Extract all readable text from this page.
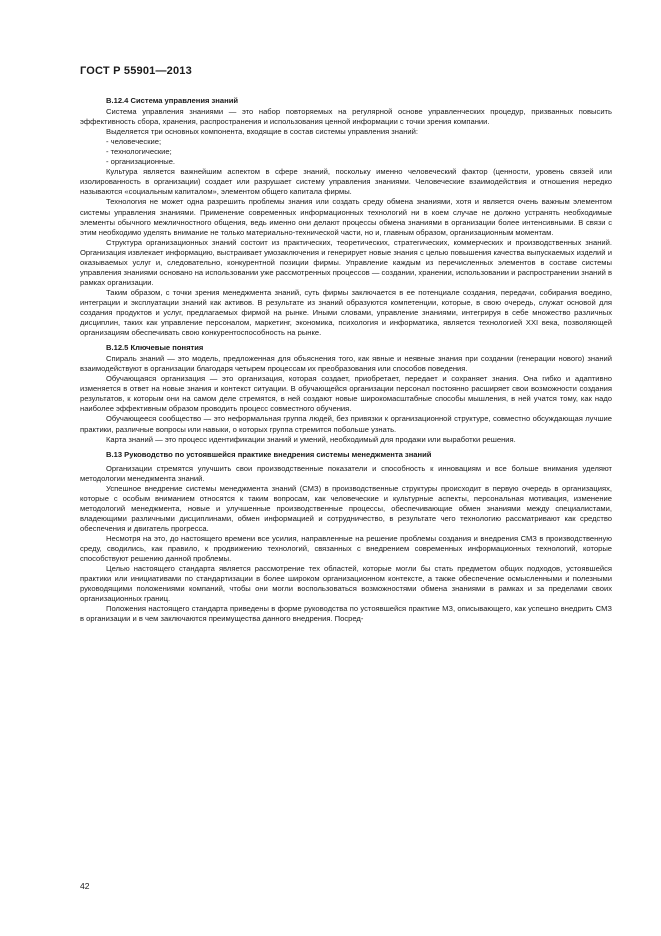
ГОСТ Р 55901—2013

В.12.4 Система управления знаний

Система управления знаниями — это набор повторяемых на регулярной основе управленческих процедур, призванных повысить эффективность сбора, хранения, распространения и использования ценной информации с точки зрения компании.

Выделяется три основных компонента, входящие в состав системы управления знаний:

- человеческие;

- технологические;

- организационные.

Культура является важнейшим аспектом в сфере знаний, поскольку именно человеческий фактор (ценности, уровень связей или изолированность в организации) создает или разрушает систему управления знаниями. Человеческие взаимодействия и отношения нередко называются «социальным капиталом», элементом общего капитала фирмы.

Технология не может одна разрешить проблемы знания или создать среду обмена знаниями, хотя и является очень важным элементом системы управления знаниями. Применение современных информационных технологий ни в коем случае не должно устранять необходимые элементы обычного межличностного общения, ведь именно они делают процессы обмена знаниями в организации более интенсивными. В связи с этим необходимо уделять внимание не только материально-технической части, но и, главным образом, организационным моментам.

Структура организационных знаний состоит из практических, теоретических, стратегических, коммерческих и производственных знаний. Организация извлекает информацию, выстраивает умозаключения и генерирует новые знания с целью повышения качества выпускаемых изделий и оказываемых услуг и, следовательно, конкурентной позиции фирмы. Управление каждым из перечисленных элементов в составе системы управления знаниями основано на использовании уже рассмотренных процессов — создании, хранении, использовании и распространении знаний в рамках организации.

Таким образом, с точки зрения менеджмента знаний, суть фирмы заключается в ее потенциале создания, передачи, собирания воедино, интеграции и эксплуатации знаний как активов. В результате из знаний образуются компетенции, которые, в свою очередь, служат основой для создания продуктов и услуг, предлагаемых фирмой на рынке. Иными словами, управление знаниями, интегрируя в себе множество различных дисциплин, таких как управление персоналом, маркетинг, экономика, психология и информатика, является технологией XXI века, позволяющей организациям обеспечивать свою конкурентоспособность на рынке.

В.12.5 Ключевые понятия

Спираль знаний — это модель, предложенная для объяснения того, как явные и неявные знания при создании (генерации нового) знаний взаимодействуют в организации благодаря четырем процессам их преобразования или способов поведения.

Обучающаяся организация — это организация, которая создает, приобретает, передает и сохраняет знания. Она гибко и адаптивно изменяется в ответ на новые знания и контекст ситуации. В обучающейся организации персонал постоянно расширяет свои возможности создания результатов, к которым они на самом деле стремятся, в ней создают новые широкомасштабные способы мышления, в ней учатся тому, как надо наиболее эффективным образом проводить процесс совместного обучения.

Обучающееся сообщество — это неформальная группа людей, без привязки к организационной структуре, совместно обсуждающая лучшие практики, различные вопросы или навыки, о которых группа стремится побольше узнать.

Карта знаний — это процесс идентификации знаний и умений, необходимый для продажи или выработки решения.

В.13 Руководство по устоявшейся практике внедрения системы менеджмента знаний

Организации стремятся улучшить свои производственные показатели и способность к инновациям и все больше внимания уделяют методологии менеджмента знаний.

Успешное внедрение системы менеджмента знаний (СМЗ) в производственные структуры происходит в первую очередь в организациях, которые с особым вниманием относятся к таким вопросам, как человеческие и культурные аспекты, персональная мотивация, изменение методологий менеджмента, новые и улучшенные производственные процессы, обеспечивающие обмен знаниями между специалистами, владеющими различными дисциплинами, обмен информацией и сотрудничество, в результате чего технологию рассматривают как средство обеспечения и двигатель прогресса.

Несмотря на это, до настоящего времени все усилия, направленные на решение проблемы создания и внедрения СМЗ в производственную среду, сводились, как правило, к продвижению технологий, связанных с внедрением современных информационных технологий, которые способствуют решению данной проблемы.

Целью настоящего стандарта является рассмотрение тех областей, которые могли бы стать предметом общих подходов, устоявшейся практики или инициативами по стандартизации в более широком организационном контексте, а также обеспечение осмысленными и полезными руководящими положениями компаний, чтобы они могли воспользоваться возможностями обмена знаниями в рамках и за пределами своих организационных границ.

Положения настоящего стандарта приведены в форме руководства по устоявшейся практике МЗ, описывающего, как успешно внедрить СМЗ в организации и в чем заключаются преимущества данного внедрения. Посред-

42
